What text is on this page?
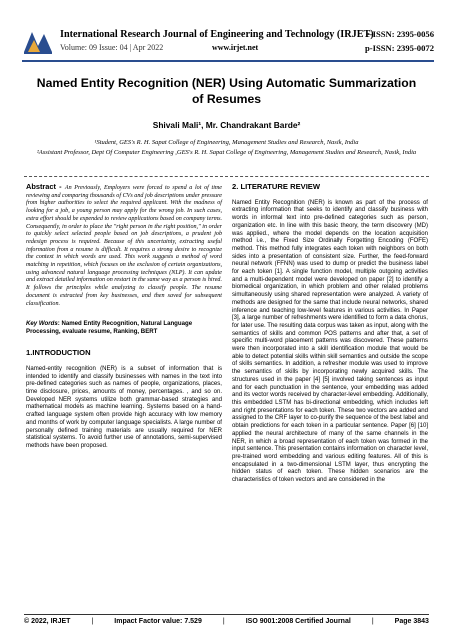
International Research Journal of Engineering and Technology (IRJET)
e-ISSN: 2395-0056
Volume: 09 Issue: 04 | Apr 2022	www.irjet.net	p-ISSN: 2395-0072
Named Entity Recognition (NER) Using Automatic Summarization of Resumes
Shivali Mali¹, Mr. Chandrakant Barde²
¹Student, GES's R. H. Sapat College of Engineering, Management Studies and Research, Nasik, India
²Assistant Professor, Dept Of Computer Engineering ,GES's R. H. Sapat College of Engineering, Management Studies and Research, Nasik, India

Abstract - An Previously, Employers were forced to spend a lot of time reviewing and comparing thousands of CVs and job descriptions under pressure from higher authorities to select the required applicant. With the madness of looking for a job, a young person may apply for the wrong job. In such cases, extra effort should be expended to review applications based on company terms. Consequently, in order to place the "right person in the right position," in order to quickly select selected people based on job descriptions, a prudent job redesign process is required. Because of this uncertainty, extracting useful information from a resume is difficult. It requires a strong desire to recognize the context in which words are used. This work suggests a method of word matching in repetition, which focuses on the exclusion of certain organizations, using advanced natural language processing techniques (NLP). It can update and extract detailed information on restart in the same way as a person is hired. It follows the principles while analyzing to classify people. The resume document is extracted from key businesses, and then saved for subsequent classification.

Key Words: Named Entity Recognition, Natural Language Processing, evaluate resume, Ranking, BERT

1.INTRODUCTION

Named-entity recognition (NER) is a subset of information that is intended to identify and classify businesses with names in the text into pre-defined categories such as names of people, organizations, places, time disclosure, prices, amounts of money, percentages. , and so on. Developed NER systems utilize both grammar-based strategies and mathematical models as machine learning. Systems based on a hand-crafted language system often provide high accuracy with low memory and months of work by computer language specialists. A large number of personally defined training materials are usually required for NER statistical systems. To avoid further use of annotations, semi-supervised methods have been proposed.

2. LITERATURE REVIEW

Named Entity Recognition (NER) is known as part of the process of extracting information that seeks to identify and classify business with words in informal text into pre-defined categories such as person, organization etc. In line with this basic theory, the term discovery (MD) was applied., where the model depends on the location acquisition method i.e., the Fixed Size Ordinally Forgetting Encoding (FOFE) method. This method fully integrates each token with neighbors on both sides into a presentation of consistent size. Further, the feed-forward neural network (FFNN) was used to dump or predict the business label for each token [1]. A single function model, multiple outgoing activities and a multi-dependent model were developed on paper [2] to identify a biomedical organization, in which problem and other related problems simultaneously using shared representation were analyzed. A variety of methods are designed for the same that include neural networks, shared inference and teaching low-level features in various activities. In Paper [3], a large number of refreshments were identified to form a data chorus, for later use. The resulting data corpus was taken as input, along with the semantics of skills and common POS patterns and after that, a set of specific multi-word placement patterns was discovered. These patterns were then incorporated into a skill identification module that would be able to detect potential skills within skill semantics and outside the scope of skills semantics. In addition, a refresher module was used to improve the semantics of skills by incorporating newly acquired skills. The structures used in the paper [4] [5] involved taking sentences as input and for each punctuation in the sentence, your embedding was added and its vector words received by character-level embedding. Additionally, this embedded LSTM has bi-directional embedding, which includes left and right presentations for each token. These two vectors are added and assigned to the CRF layer to co-purify the sequence of the best label and obtain predictions for each token in a particular sentence. Paper [6] [10] applied the neural architecture of many of the same channels in the NER, in which a broad representation of each token was formed in the input sentence. This presentation contains information on character level, pre-trained word embedding and various editing features. All of this is encapsulated in a two-dimensional LSTM layer, thus encrypting the hidden status of each token. These hidden scenarios are the characteristics of token vectors and are considered in the

© 2022, IRJET	|	Impact Factor value: 7.529	|	ISO 9001:2008 Certified Journal	|	Page 3843
